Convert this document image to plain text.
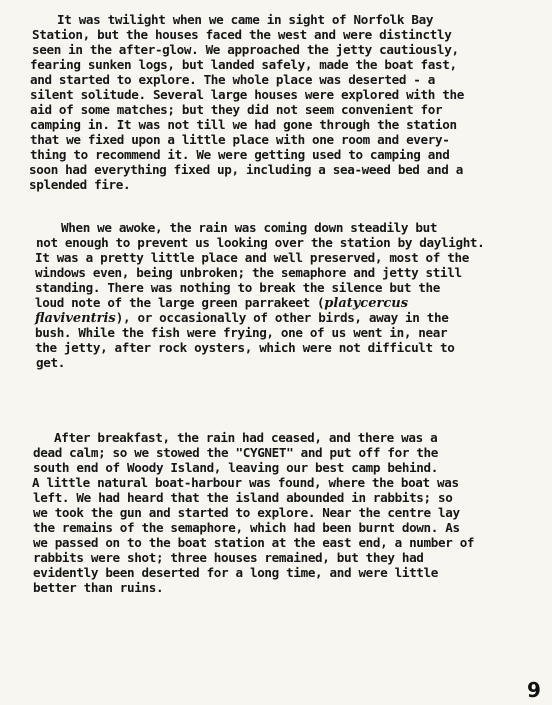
It was twilight when we came in sight of Norfolk Bay
Station, but the houses faced the west and were distinctly
seen in the after-glow. We approached the jetty cautiously,
fearing sunken logs, but landed safely, made the boat fast,
and started to explore. The whole place was deserted - a
silent solitude. Several large houses were explored with the
aid of some matches; but they did not seem convenient for
camping in. It was not till we had gone through the station
that we fixed upon a little place with one room and every-
thing to recommend it. We were getting used to camping and
soon had everything fixed up, including a sea-weed bed and a
splended fire.
When we awoke, the rain was coming down steadily but
not enough to prevent us looking over the station by daylight.
It was a pretty little place and well preserved, most of the
windows even, being unbroken; the semaphore and jetty still
standing. There was nothing to break the silence but the
loud note of the large green parrakeet (platycercus
flaviventris), or occasionally of other birds, away in the
bush. While the fish were frying, one of us went in, near
the jetty, after rock oysters, which were not difficult to
get.
After breakfast, the rain had ceased, and there was a
dead calm; so we stowed the "CYGNET" and put off for the
south end of Woody Island, leaving our best camp behind.
A little natural boat-harbour was found, where the boat was
left. We had heard that the island abounded in rabbits; so
we took the gun and started to explore. Near the centre lay
the remains of the semaphore, which had been burnt down. As
we passed on to the boat station at the east end, a number of
rabbits were shot; three houses remained, but they had
evidently been deserted for a long time, and were little
better than ruins.
9
